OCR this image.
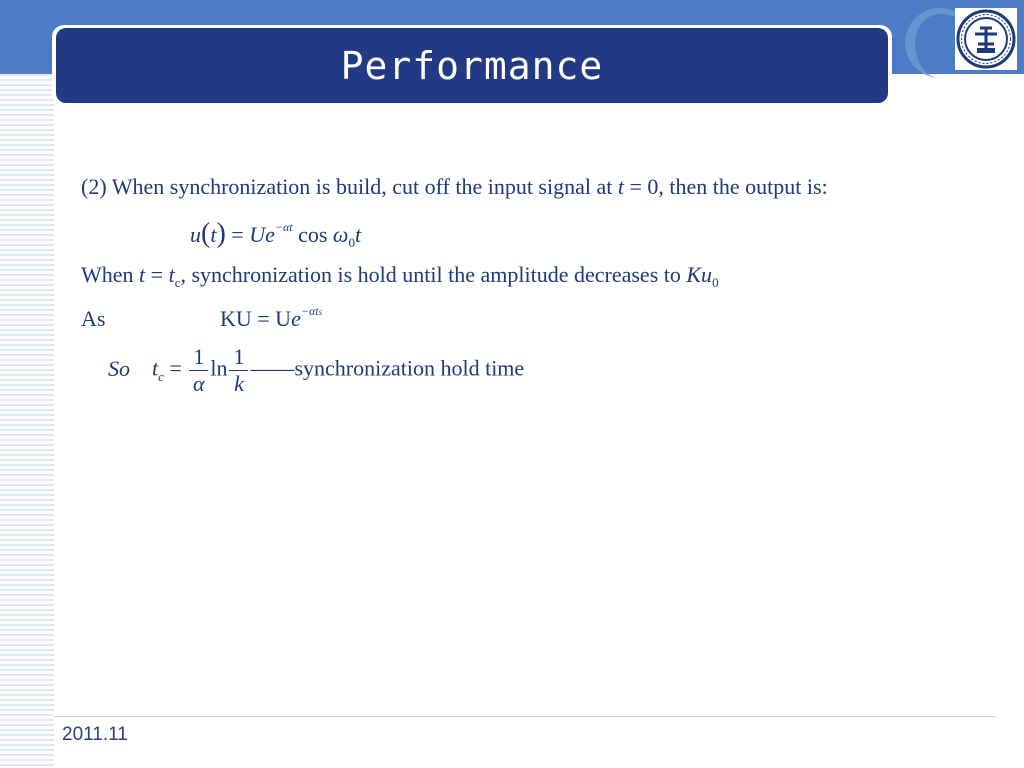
Performance
(2) When synchronization is build, cut off the input signal at t = 0, then the output is:
$u(t) = Ue^{-\alpha t}$ $\cos \omega_0t$
When $t = t_c$, synchronization is hold until the amplitude decreases to $Ku_0$
As	KU = $Ue^{-\alpha ts}$
So $t_c = \frac{1}{\alpha}$ $\ln \frac{1}{k}$ ——synchronization hold time
2011.11
